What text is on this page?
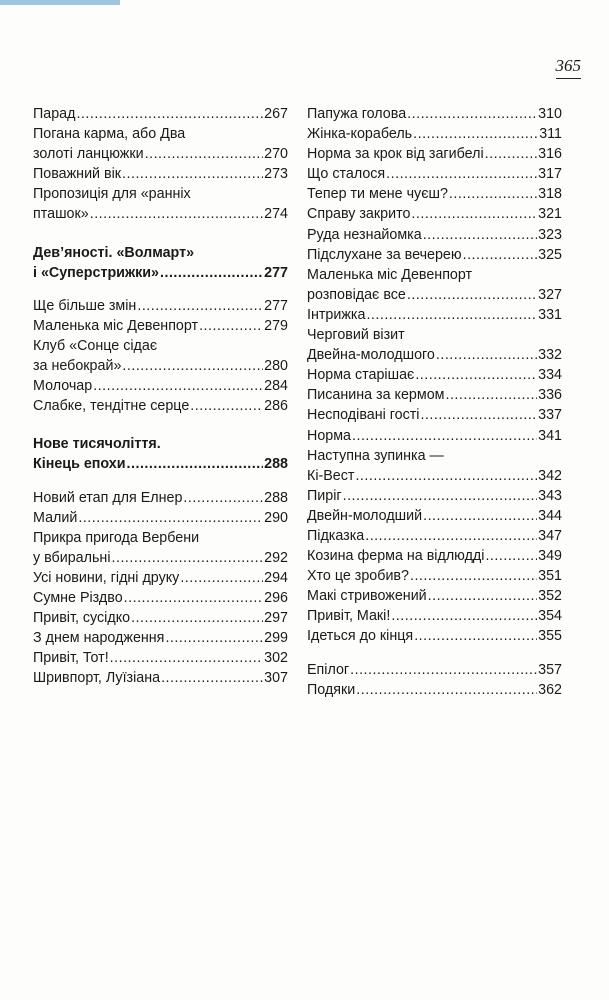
365
Парад .....	267
Погана карма, або Два
золоті ланцюжки .....	270
Поважний вік .....	273
Пропозиція для «ранніх
пташок» .....	274
Дев’яності. «Волмарт»
і «Суперстрижки» .....	277
Ще більше змін .....	277
Маленька міс Девенпорт .....	279
Клуб «Сонце сідає
за небокрай» .....	280
Молочар .....	284
Слабке, тендітне серце .....	286
Нове тисячоліття.
Кінець епохи .....	288
Новий етап для Елнер .....	288
Малий .....	290
Прикра пригода Вербени
у вбиральні .....	292
Усі новини, гідні друку .....	294
Сумне Різдво .....	296
Привіт, сусідко .....	297
З днем народження .....	299
Привіт, Тот! .....	302
Шривпорт, Луїзіана .....	307
Папужа голова .....	310
Жінка-корабель .....	311
Норма за крок від загибелі .....	316
Що сталося .....	317
Тепер ти мене чуєш? .....	318
Справу закрито .....	321
Руда незнайомка .....	323
Підслухане за вечерею .....	325
Маленька міс Девенпорт
розповідає все .....	327
Інтрижка .....	331
Черговий візит
Двейна-молодшого .....	332
Норма старішає .....	334
Писанина за кермом .....	336
Несподівані гості .....	337
Норма .....	341
Наступна зупинка —
Кі-Вест .....	342
Пиріг .....	343
Двейн-молодший .....	344
Підказка .....	347
Козина ферма на відлюдді .....	349
Хто це зробив? .....	351
Макі стривожений .....	352
Привіт, Макі! .....	354
Ідеться до кінця .....	355
Епілог .....	357
Подяки .....	362
